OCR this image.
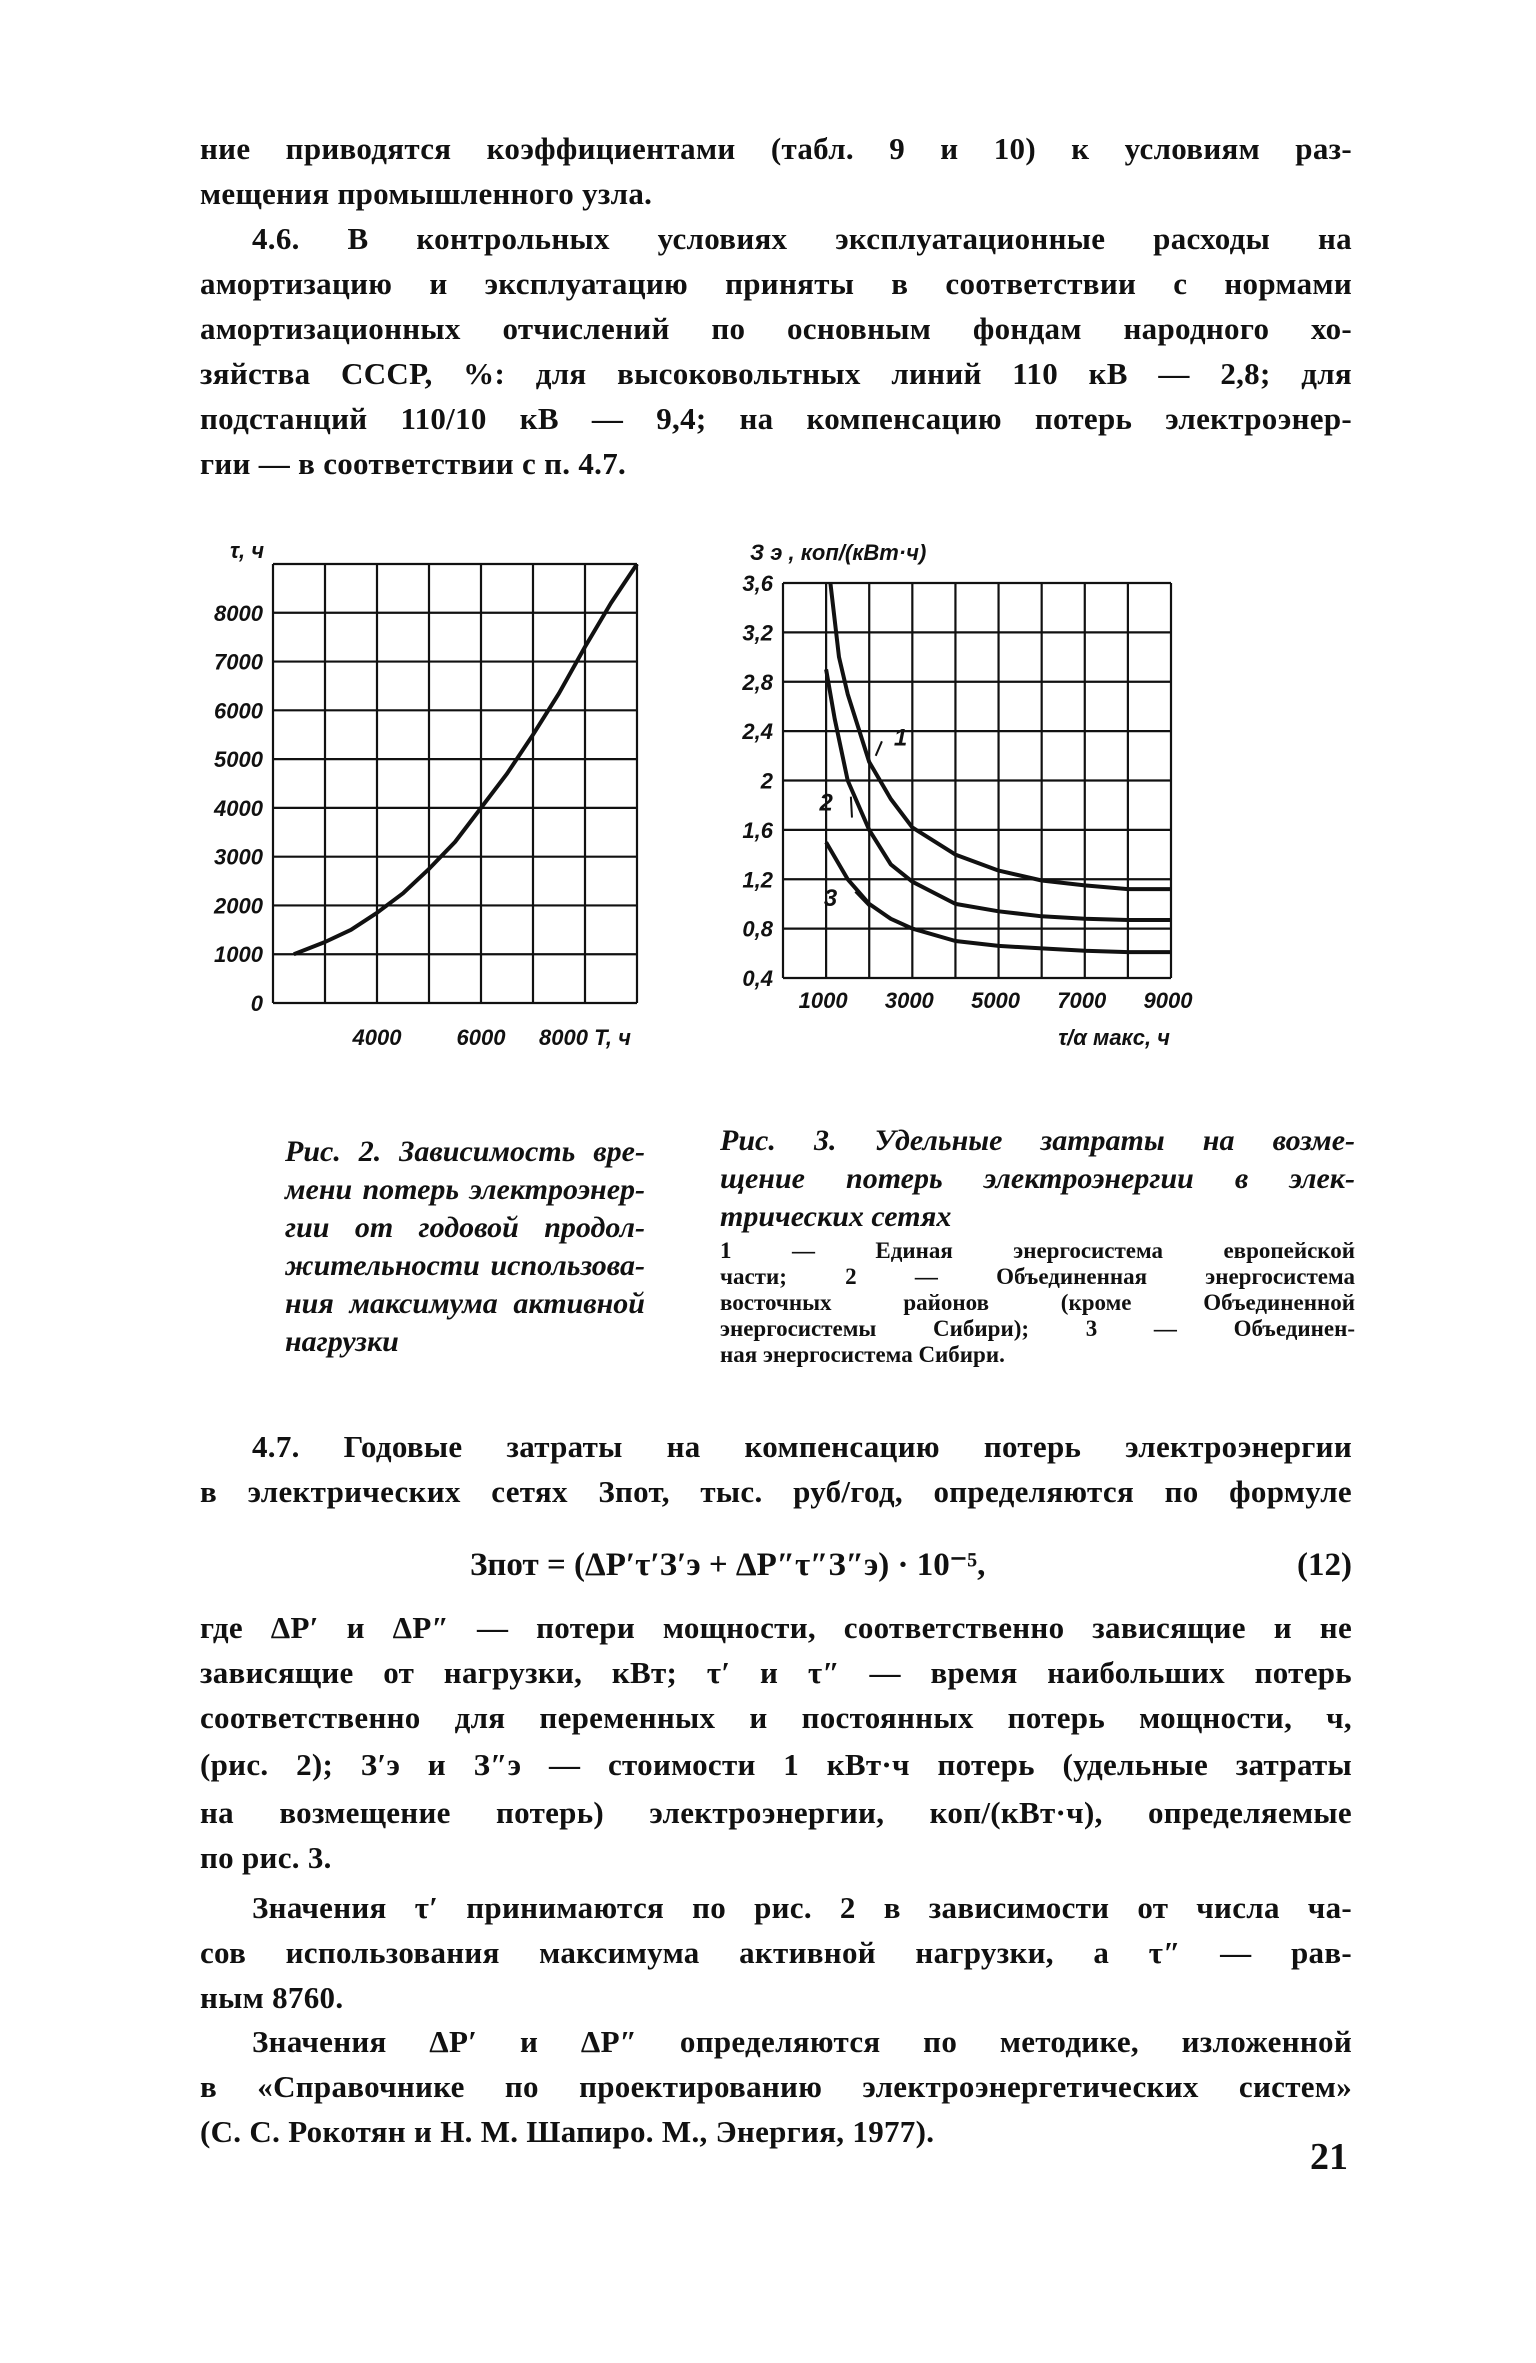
ние приводятся коэффициентами (табл. 9 и 10) к условиям раз-
мещения промышленного узла.
4.6. В контрольных условиях эксплуатационные расходы на
амортизацию и эксплуатацию приняты в соответствии с нормами
амортизационных отчислений по основным фондам народного хо-
зяйства СССР, %: для высоковольтных линий 110 кВ — 2,8; для
подстанций 110/10 кВ — 9,4; на компенсацию потерь электроэнер-
гии — в соответствии с п. 4.7.
0
1000
2000
3000
4000
5000
6000
7000
8000
4000	6000 8000 T, ч
τ, ч
0,4
0,8
1,2
1,6
2
2,4
2,8
3,2
3,6
1000 3000 5000 7000 9000
З э , коп/(кВт·ч)
τ/α макс, ч
1
2
3
Рис. 2. Зависимость вре-
мени потерь электроэнер-
гии от годовой продол-
жительности использова-
ния максимума активной
нагрузки
Рис. 3. Удельные затраты на возме-
щение потерь электроэнергии в элек-
трических сетях
1 — Единая энергосистема европейской
части; 2 — Объединенная энергосистема
восточных районов (кроме Объединенной
энергосистемы Сибири); 3 — Объединен-
ная энергосистема Сибири.
4.7. Годовые затраты на компенсацию потерь электроэнергии
в электрических сетях Зпот, тыс. руб/год, определяются по формуле
Зпот = (ΔP′τ′З′э + ΔP″τ″З″э) · 10⁻⁵,	(12)
где ΔP′ и ΔP″ — потери мощности, соответственно зависящие и не
зависящие от нагрузки, кВт; τ′ и τ″ — время наибольших потерь
соответственно для переменных и постоянных потерь мощности, ч,
(рис. 2); З′э и З″э — стоимости 1 кВт·ч потерь (удельные затраты
на возмещение потерь) электроэнергии, коп/(кВт·ч), определяемые
по рис. 3.
Значения τ′ принимаются по рис. 2 в зависимости от числа ча-
сов использования максимума активной нагрузки, а τ″ — рав-
ным 8760.
Значения ΔP′ и ΔP″ определяются по методике, изложенной
в «Справочнике по проектированию электроэнергетических систем»
(С. С. Рокотян и Н. М. Шапиро. М., Энергия, 1977).
21
